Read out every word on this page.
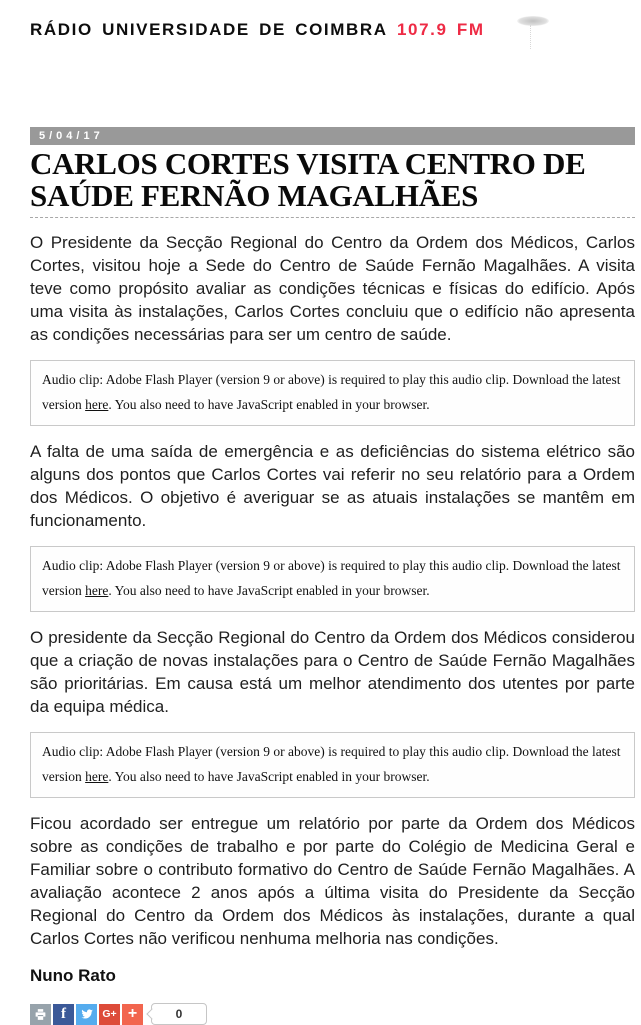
RÁDIO UNIVERSIDADE DE COIMBRA 107.9 FM
5/04/17
CARLOS CORTES VISITA CENTRO DE SAÚDE FERNÃO MAGALHÃES

O Presidente da Secção Regional do Centro da Ordem dos Médicos, Carlos Cortes, visitou hoje a Sede do Centro de Saúde Fernão Magalhães. A visita teve como propósito avaliar as condições técnicas e físicas do edifício. Após uma visita às instalações, Carlos Cortes concluiu que o edifício não apresenta as condições necessárias para ser um centro de saúde.

Audio clip: Adobe Flash Player (version 9 or above) is required to play this audio clip. Download the latest version here. You also need to have JavaScript enabled in your browser.

A falta de uma saída de emergência e as deficiências do sistema elétrico são alguns dos pontos que Carlos Cortes vai referir no seu relatório para a Ordem dos Médicos. O objetivo é averiguar se as atuais instalações se mantêm em funcionamento.

Audio clip: Adobe Flash Player (version 9 or above) is required to play this audio clip. Download the latest version here. You also need to have JavaScript enabled in your browser.

O presidente da Secção Regional do Centro da Ordem dos Médicos considerou que a criação de novas instalações para o Centro de Saúde Fernão Magalhães são prioritárias. Em causa está um melhor atendimento dos utentes por parte da equipa médica.

Audio clip: Adobe Flash Player (version 9 or above) is required to play this audio clip. Download the latest version here. You also need to have JavaScript enabled in your browser.

Ficou acordado ser entregue um relatório por parte da Ordem dos Médicos sobre as condições de trabalho e por parte do Colégio de Medicina Geral e Familiar sobre o contributo formativo do Centro de Saúde Fernão Magalhães. A avaliação acontece 2 anos após a última visita do Presidente da Secção Regional do Centro da Ordem dos Médicos às instalações, durante a qual Carlos Cortes não verificou nenhuma melhoria nas condições.

Nuno Rato
f	G+ +	0
